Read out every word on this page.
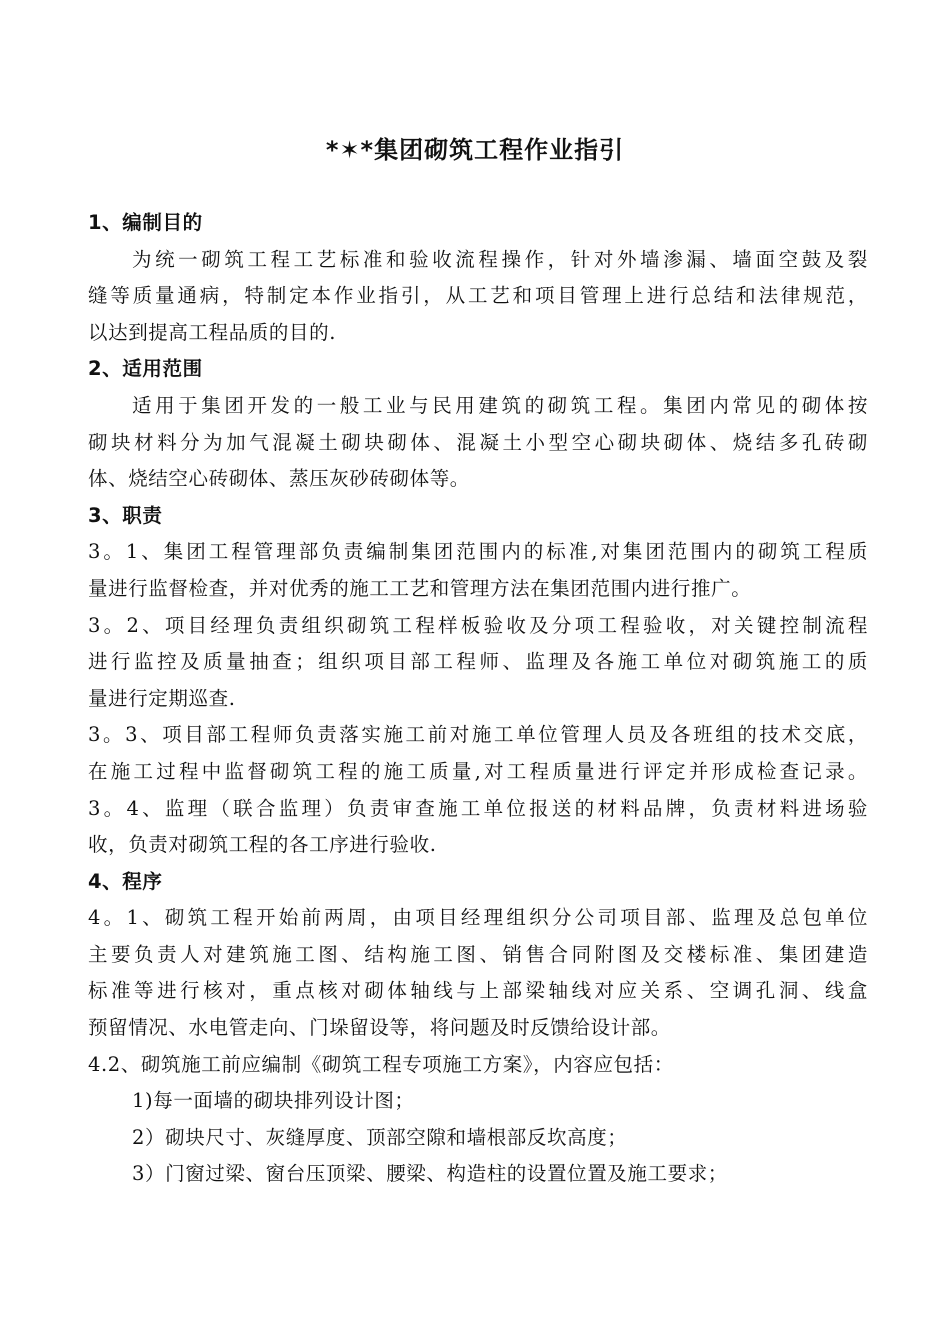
*✶*集团砌筑工程作业指引
1、编制目的
为统一砌筑工程工艺标准和验收流程操作，针对外墙渗漏、墙面空鼓及裂
缝等质量通病，特制定本作业指引，从工艺和项目管理上进行总结和法律规范，
以达到提高工程品质的目的.
2、适用范围
适用于集团开发的一般工业与民用建筑的砌筑工程。集团内常见的砌体按
砌块材料分为加气混凝土砌块砌体、混凝土小型空心砌块砌体、烧结多孔砖砌
体、烧结空心砖砌体、蒸压灰砂砖砌体等。
3、职责
3。1、集团工程管理部负责编制集团范围内的标准,对集团范围内的砌筑工程质
量进行监督检查，并对优秀的施工工艺和管理方法在集团范围内进行推广。
3。2、项目经理负责组织砌筑工程样板验收及分项工程验收，对关键控制流程
进行监控及质量抽查；组织项目部工程师、监理及各施工单位对砌筑施工的质
量进行定期巡查.
3。3、项目部工程师负责落实施工前对施工单位管理人员及各班组的技术交底，
在施工过程中监督砌筑工程的施工质量,对工程质量进行评定并形成检查记录。
3。4、监理（联合监理）负责审查施工单位报送的材料品牌，负责材料进场验
收，负责对砌筑工程的各工序进行验收.
4、程序
4。1、砌筑工程开始前两周，由项目经理组织分公司项目部、监理及总包单位
主要负责人对建筑施工图、结构施工图、销售合同附图及交楼标准、集团建造
标准等进行核对，重点核对砌体轴线与上部梁轴线对应关系、空调孔洞、线盒
预留情况、水电管走向、门垛留设等，将问题及时反馈给设计部。
4.2、砌筑施工前应编制《砌筑工程专项施工方案》，内容应包括：
1)每一面墙的砌块排列设计图；
2）砌块尺寸、灰缝厚度、顶部空隙和墙根部反坎高度；
3）门窗过梁、窗台压顶梁、腰梁、构造柱的设置位置及施工要求；
